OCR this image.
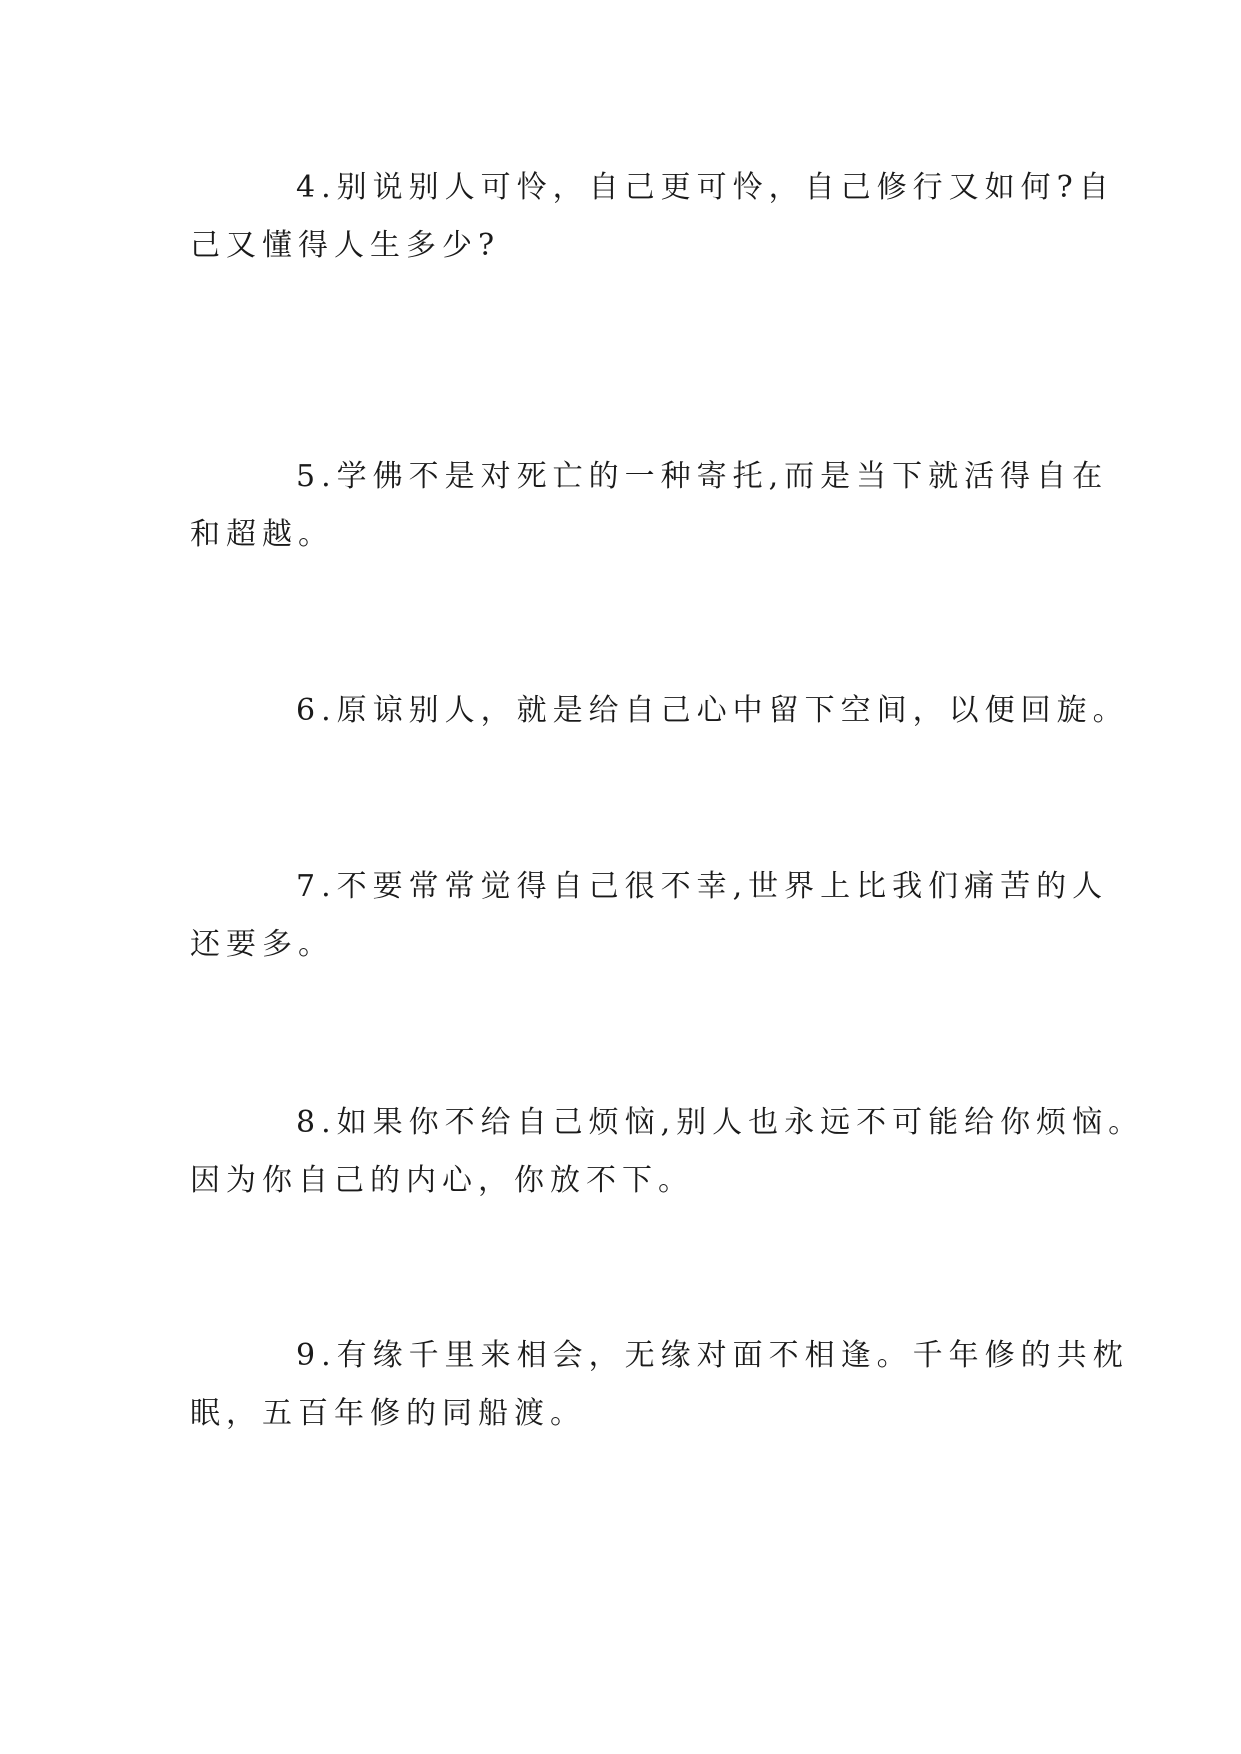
4.别说别人可怜，自己更可怜，自己修行又如何?自
己又懂得人生多少?
5.学佛不是对死亡的一种寄托,而是当下就活得自在
和超越。
6.原谅别人，就是给自己心中留下空间，以便回旋。
7.不要常常觉得自己很不幸,世界上比我们痛苦的人
还要多。
8.如果你不给自己烦恼,别人也永远不可能给你烦恼。
因为你自己的内心，你放不下。
9.有缘千里来相会，无缘对面不相逢。千年修的共枕
眠，五百年修的同船渡。
